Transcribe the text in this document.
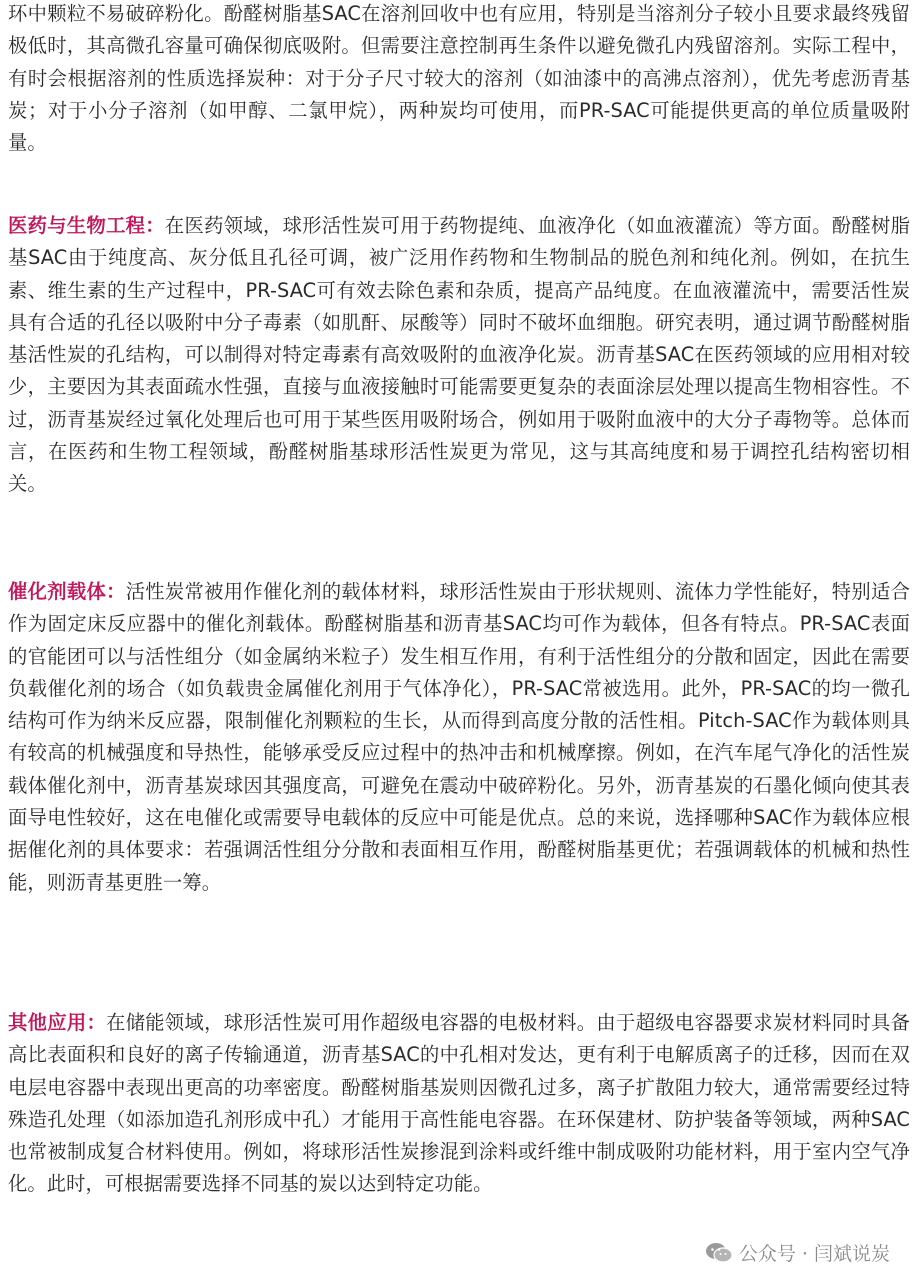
环中颗粒不易破碎粉化。酚醛树脂基SAC在溶剂回收中也有应用，特别是当溶剂分子较小且要求最终残留极低时，其高微孔容量可确保彻底吸附。但需要注意控制再生条件以避免微孔内残留溶剂。实际工程中，有时会根据溶剂的性质选择炭种：对于分子尺寸较大的溶剂（如油漆中的高沸点溶剂），优先考虑沥青基炭；对于小分子溶剂（如甲醇、二氯甲烷），两种炭均可使用，而PR-SAC可能提供更高的单位质量吸附量。

医药与生物工程：在医药领域，球形活性炭可用于药物提纯、血液净化（如血液灌流）等方面。酚醛树脂基SAC由于纯度高、灰分低且孔径可调，被广泛用作药物和生物制品的脱色剂和纯化剂。例如，在抗生素、维生素的生产过程中，PR-SAC可有效去除色素和杂质，提高产品纯度。在血液灌流中，需要活性炭具有合适的孔径以吸附中分子毒素（如肌酐、尿酸等）同时不破坏血细胞。研究表明，通过调节酚醛树脂基活性炭的孔结构，可以制得对特定毒素有高效吸附的血液净化炭。沥青基SAC在医药领域的应用相对较少，主要因为其表面疏水性强，直接与血液接触时可能需要更复杂的表面涂层处理以提高生物相容性。不过，沥青基炭经过氧化处理后也可用于某些医用吸附场合，例如用于吸附血液中的大分子毒物等。总体而言，在医药和生物工程领域，酚醛树脂基球形活性炭更为常见，这与其高纯度和易于调控孔结构密切相关。

催化剂载体：活性炭常被用作催化剂的载体材料，球形活性炭由于形状规则、流体力学性能好，特别适合作为固定床反应器中的催化剂载体。酚醛树脂基和沥青基SAC均可作为载体，但各有特点。PR-SAC表面的官能团可以与活性组分（如金属纳米粒子）发生相互作用，有利于活性组分的分散和固定，因此在需要负载催化剂的场合（如负载贵金属催化剂用于气体净化），PR-SAC常被选用。此外，PR-SAC的均一微孔结构可作为纳米反应器，限制催化剂颗粒的生长，从而得到高度分散的活性相。Pitch-SAC作为载体则具有较高的机械强度和导热性，能够承受反应过程中的热冲击和机械摩擦。例如，在汽车尾气净化的活性炭载体催化剂中，沥青基炭球因其强度高，可避免在震动中破碎粉化。另外，沥青基炭的石墨化倾向使其表面导电性较好，这在电催化或需要导电载体的反应中可能是优点。总的来说，选择哪种SAC作为载体应根据催化剂的具体要求：若强调活性组分分散和表面相互作用，酚醛树脂基更优；若强调载体的机械和热性能，则沥青基更胜一筹。

其他应用：在储能领域，球形活性炭可用作超级电容器的电极材料。由于超级电容器要求炭材料同时具备高比表面积和良好的离子传输通道，沥青基SAC的中孔相对发达，更有利于电解质离子的迁移，因而在双电层电容器中表现出更高的功率密度。酚醛树脂基炭则因微孔过多，离子扩散阻力较大，通常需要经过特殊造孔处理（如添加造孔剂形成中孔）才能用于高性能电容器。在环保建材、防护装备等领域，两种SAC也常被制成复合材料使用。例如，将球形活性炭掺混到涂料或纤维中制成吸附功能材料，用于室内空气净化。此时，可根据需要选择不同基的炭以达到特定功能。

公众号 · 闫斌说炭
